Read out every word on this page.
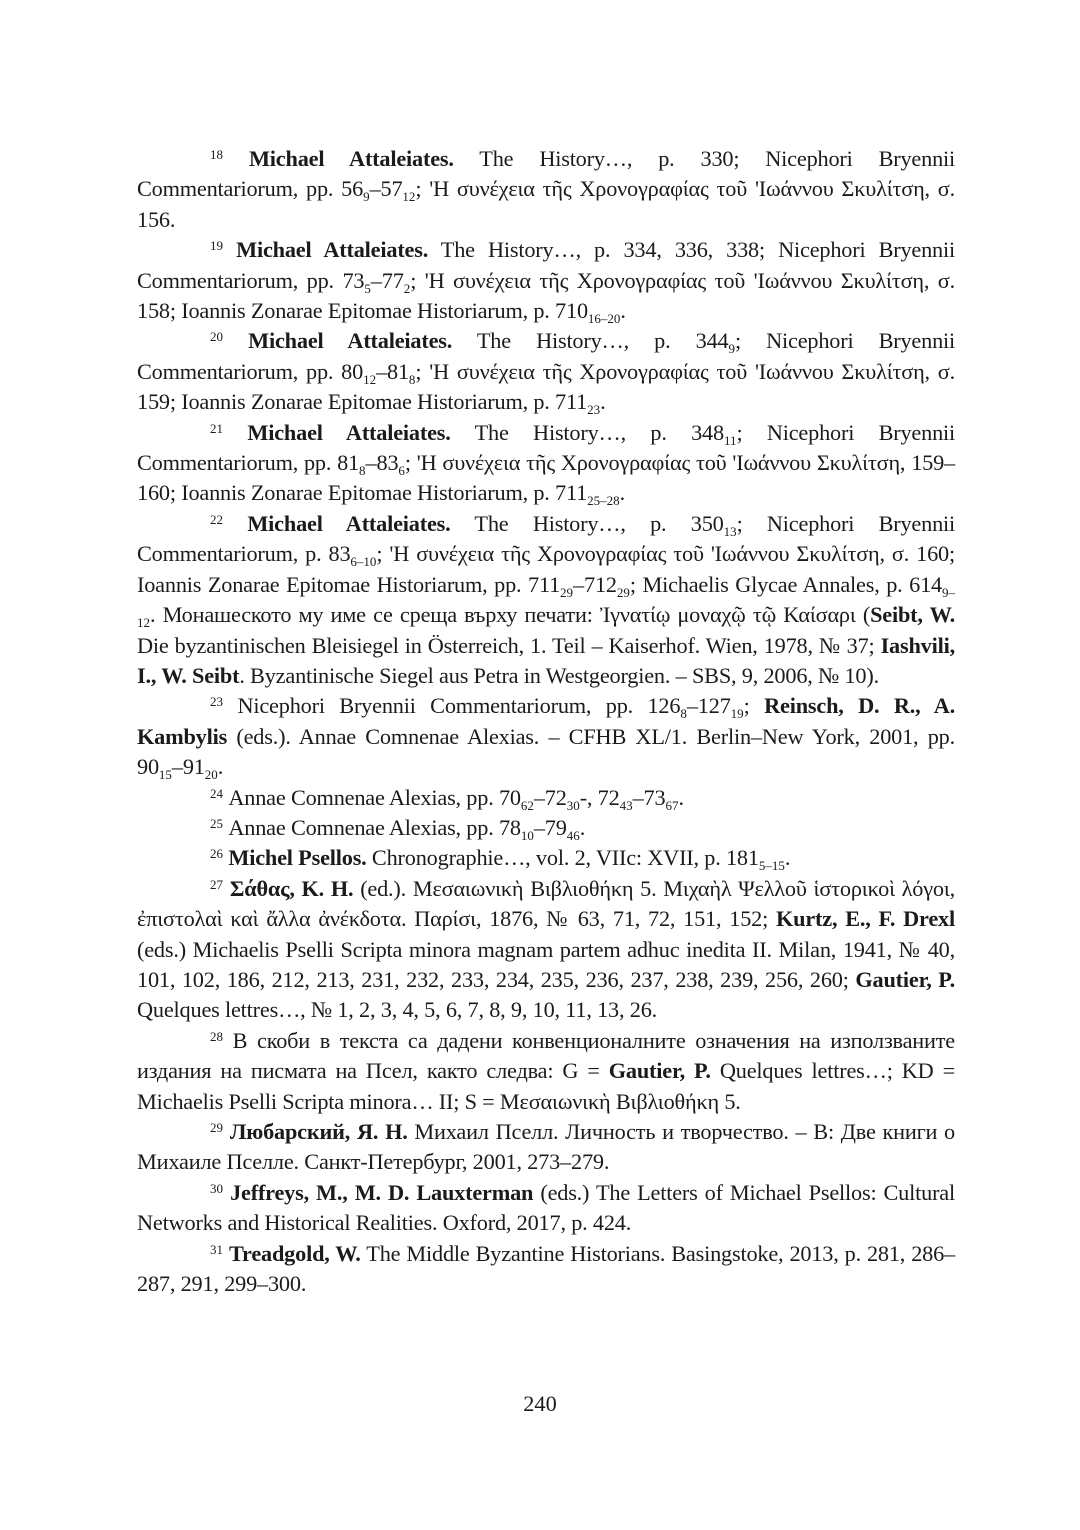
$^{18}$ Michael Attaleiates. The History…, p. 330; Nicephori Bryennii Commentariorum, pp. $56_9-57_{12}$; 'Η συνέχεια τῆς Χρονογραφίας τοῦ 'Ιωάννου Σκυλίτση, σ. 156.

$^{19}$ Michael Attaleiates. The History…, p. 334, 336, 338; Nicephori Bryennii Commentariorum, pp. $73_5-77_2$; 'Η συνέχεια τῆς Χρονογραφίας τοῦ 'Ιωάννου Σκυλίτση, σ. 158; Ioannis Zonarae Epitomae Historiarum, p. $710_{16-20}$.

$^{20}$ Michael Attaleiates. The History…, p. $344_9$; Nicephori Bryennii Commentariorum, pp. $80_{12}-81_8$; 'Η συνέχεια τῆς Χρονογραφίας τοῦ 'Ιωάννου Σκυλίτση, σ. 159; Ioannis Zonarae Epitomae Historiarum, p. $711_{23}$.

$^{21}$ Michael Attaleiates. The History…, p. $348_{11}$; Nicephori Bryennii Commentariorum, pp. $81_8-83_6$; 'Η συνέχεια τῆς Χρονογραφίας τοῦ 'Ιωάννου Σκυλίτση, 159–160; Ioannis Zonarae Epitomae Historiarum, p. $711_{25-28}$.

$^{22}$ Michael Attaleiates. The History…, p. $350_{13}$; Nicephori Bryennii Commentariorum, p. $83_{6-10}$; 'Η συνέχεια τῆς Χρονογραφίας τοῦ 'Ιωάννου Σκυλίτση, σ. 160; Ioannis Zonarae Epitomae Historiarum, pp. $711_{29}-712_{29}$; Michaelis Glycae Annales, p. $614_{9-12}$. Монашеското му име се среща върху печати: Ἰγνατίῳ μοναχῷ τῷ Καίσαρι (Seibt, W. Die byzantinischen Bleisiegel in Österreich, 1. Teil – Kaiserhof. Wien, 1978, № 37; Iashvili, I., W. Seibt. Byzantinische Siegel aus Petra in Westgeorgien. – SBS, 9, 2006, № 10).

$^{23}$ Nicephori Bryennii Commentariorum, pp. $126_8-127_{19}$; Reinsch, D. R., A. Kambylis (eds.). Annae Comnenae Alexias. – CFHB XL/1. Berlin–New York, 2001, pp. $90_{15}-91_{20}$.

$^{24}$ Annae Comnenae Alexias, pp. $70_{62}-72_{30}-$, $72_{43}-73_{67}$.

$^{25}$ Annae Comnenae Alexias, pp. $78_{10}-79_{46}$.

$^{26}$ Michel Psellos. Chronographie…, vol. 2, VIIc: XVII, p. $181_{5-15}$.

$^{27}$ Σάθας, Κ. Η. (ed.). Μεσαιωνικὴ Βιβλιοθήκη 5. Μιχαὴλ Ψελλοῦ ἱστορικοὶ λόγοι, ἐπιστολαὶ καὶ ἄλλα ἀνέκδοτα. Παρίσι, 1876, № 63, 71, 72, 151, 152; Kurtz, E., F. Drexl (eds.) Michaelis Pselli Scripta minora magnam partem adhuc inedita II. Milan, 1941, № 40, 101, 102, 186, 212, 213, 231, 232, 233, 234, 235, 236, 237, 238, 239, 256, 260; Gautier, P. Quelques lettres…, № 1, 2, 3, 4, 5, 6, 7, 8, 9, 10, 11, 13, 26.

$^{28}$ В скоби в текста са дадени конвенционалните означения на използваните издания на писмата на Псел, както следва: G = Gautier, P. Quelques lettres…; KD = Michaelis Pselli Scripta minora… II; S = Μεσαιωνικὴ Βιβλιοθήκη 5.

$^{29}$ Любарский, Я. Н. Михаил Пселл. Личность и творчество. – В: Две книги о Михаиле Пселле. Санкт-Петербург, 2001, 273–279.

$^{30}$ Jeffreys, M., M. D. Lauxterman (eds.) The Letters of Michael Psellos: Cultural Networks and Historical Realities. Oxford, 2017, p. 424.

$^{31}$ Treadgold, W. The Middle Byzantine Historians. Basingstoke, 2013, p. 281, 286–287, 291, 299–300.

240
